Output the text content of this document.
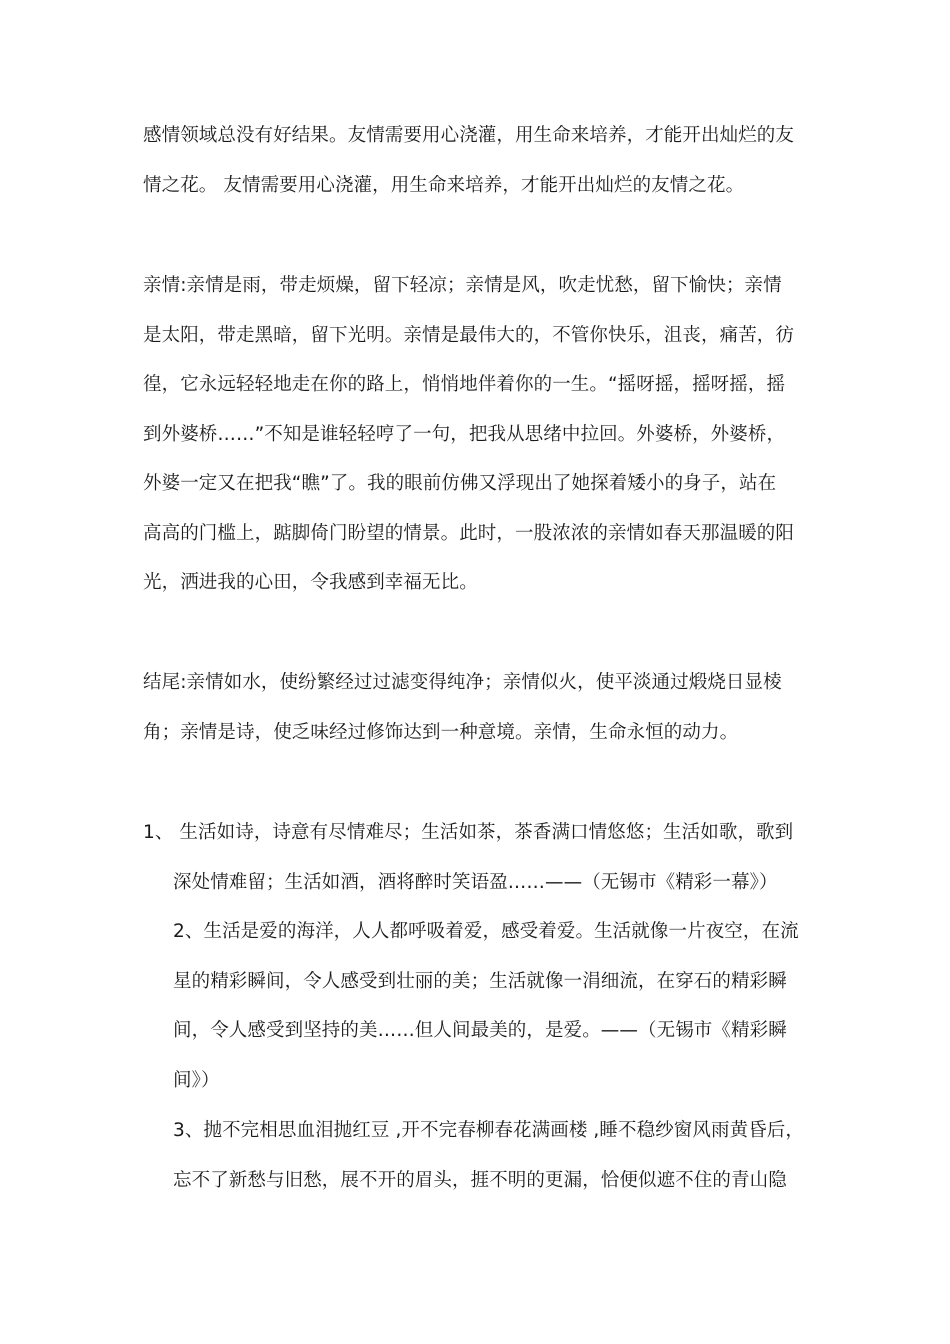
感情领域总没有好结果。友情需要用心浇灌，用生命来培养，才能开出灿烂的友
情之花。 友情需要用心浇灌，用生命来培养，才能开出灿烂的友情之花。
亲情:亲情是雨，带走烦燥，留下轻凉；亲情是风，吹走忧愁，留下愉快；亲情
是太阳，带走黑暗，留下光明。亲情是最伟大的，不管你快乐，沮丧，痛苦，彷
徨，它永远轻轻地走在你的路上，悄悄地伴着你的一生。“摇呀摇，摇呀摇，摇
到外婆桥……”不知是谁轻轻哼了一句，把我从思绪中拉回。外婆桥，外婆桥，
外婆一定又在把我“瞧”了。我的眼前仿佛又浮现出了她探着矮小的身子，站在
高高的门槛上，踮脚倚门盼望的情景。此时，一股浓浓的亲情如春天那温暖的阳
光，洒进我的心田，令我感到幸福无比。
结尾:亲情如水，使纷繁经过过滤变得纯净；亲情似火，使平淡通过煅烧日显棱
角；亲情是诗，使乏味经过修饰达到一种意境。亲情，生命永恒的动力。
1、 生活如诗，诗意有尽情难尽；生活如茶，茶香满口情悠悠；生活如歌，歌到
深处情难留；生活如酒，酒将醉时笑语盈……——（无锡市《精彩一幕》）
2、生活是爱的海洋，人人都呼吸着爱，感受着爱。生活就像一片夜空，在流
星的精彩瞬间，令人感受到壮丽的美；生活就像一涓细流，在穿石的精彩瞬
间，令人感受到坚持的美……但人间最美的，是爱。——（无锡市《精彩瞬
间》）
3、抛不完相思血泪抛红豆 ,开不完春柳春花满画楼 ,睡不稳纱窗风雨黄昏后，
忘不了新愁与旧愁，展不开的眉头，捱不明的更漏，恰便似遮不住的青山隐
